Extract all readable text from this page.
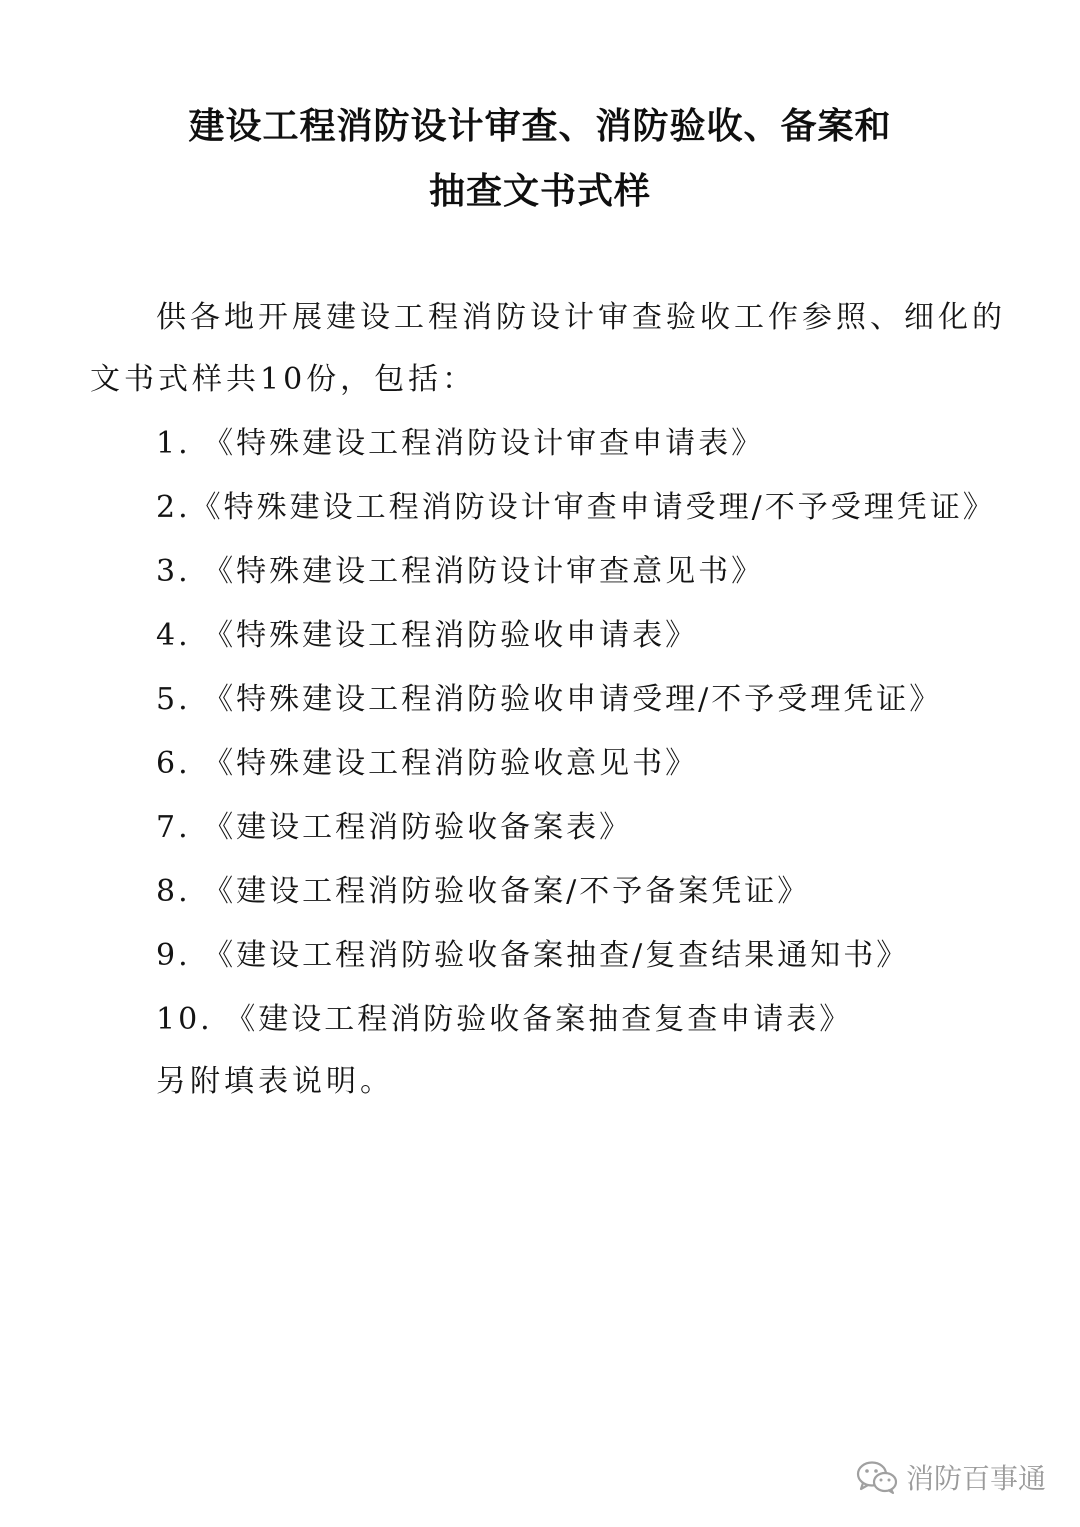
建设工程消防设计审查、消防验收、备案和
抽查文书式样
供各地开展建设工程消防设计审查验收工作参照、细化的
文书式样共10份，包括：
1. 《特殊建设工程消防设计审查申请表》
2.《特殊建设工程消防设计审查申请受理/不予受理凭证》
3. 《特殊建设工程消防设计审查意见书》
4. 《特殊建设工程消防验收申请表》
5. 《特殊建设工程消防验收申请受理/不予受理凭证》
6. 《特殊建设工程消防验收意见书》
7. 《建设工程消防验收备案表》
8. 《建设工程消防验收备案/不予备案凭证》
9. 《建设工程消防验收备案抽查/复查结果通知书》
10. 《建设工程消防验收备案抽查复查申请表》
另附填表说明。
消防百事通
